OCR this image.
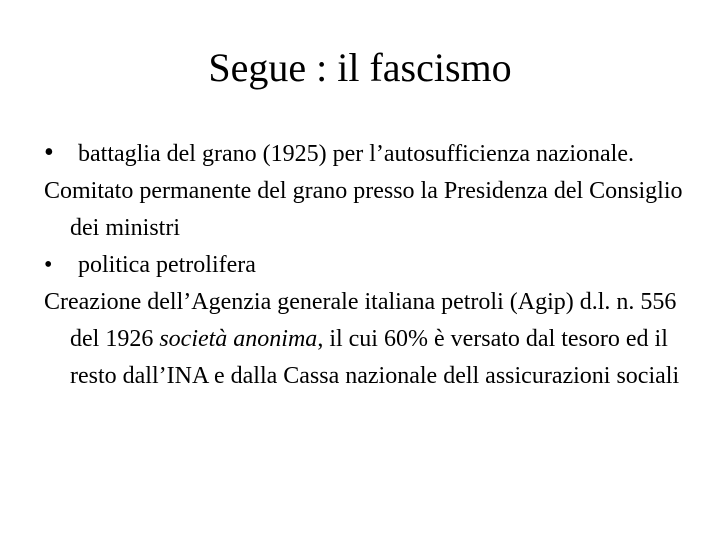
Segue : il fascismo

• battaglia del grano (1925) per l’autosufficienza nazionale.

Comitato permanente del grano presso la Presidenza del Consiglio dei ministri

• politica petrolifera

Creazione dell’Agenzia generale italiana petroli (Agip) d.l. n. 556 del 1926 società anonima, il cui 60% è versato dal tesoro ed il resto dall’INA e dalla Cassa nazionale dell assicurazioni sociali
